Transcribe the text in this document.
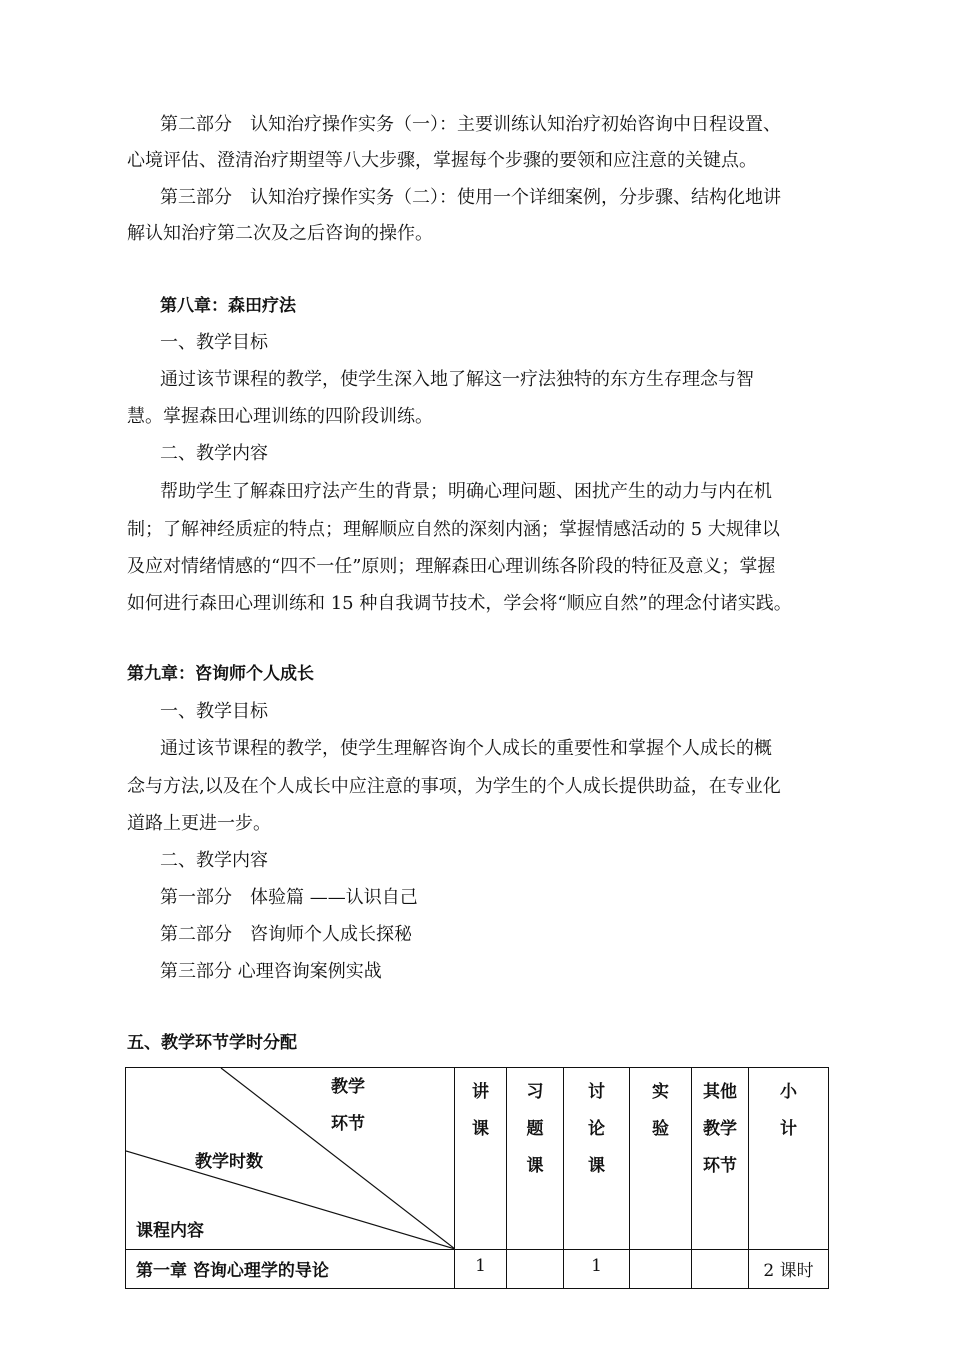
第二部分　认知治疗操作实务（一）：主要训练认知治疗初始咨询中日程设置、
心境评估、澄清治疗期望等八大步骤，掌握每个步骤的要领和应注意的关键点。
第三部分　认知治疗操作实务（二）：使用一个详细案例，分步骤、结构化地讲
解认知治疗第二次及之后咨询的操作。
第八章：森田疗法
一、教学目标
通过该节课程的教学，使学生深入地了解这一疗法独特的东方生存理念与智
慧。掌握森田心理训练的四阶段训练。
二、教学内容
帮助学生了解森田疗法产生的背景；明确心理问题、困扰产生的动力与内在机
制；了解神经质症的特点；理解顺应自然的深刻内涵；掌握情感活动的 5 大规律以
及应对情绪情感的“四不一任”原则；理解森田心理训练各阶段的特征及意义；掌握
如何进行森田心理训练和 15 种自我调节技术，学会将“顺应自然”的理念付诸实践。
第九章：咨询师个人成长
一、教学目标
通过该节课程的教学，使学生理解咨询个人成长的重要性和掌握个人成长的概
念与方法,以及在个人成长中应注意的事项，为学生的个人成长提供助益，在专业化
道路上更进一步。
二、教学内容
第一部分　体验篇 ——认识自己
第二部分　咨询师个人成长探秘
第三部分 心理咨询案例实战
五、教学环节学时分配
教学
环节
教学时数
课程内容	讲课	习题课	讨论课	实验	其他教学环节	小计

第一章 咨询心理学的导论	1		1			2 课时
